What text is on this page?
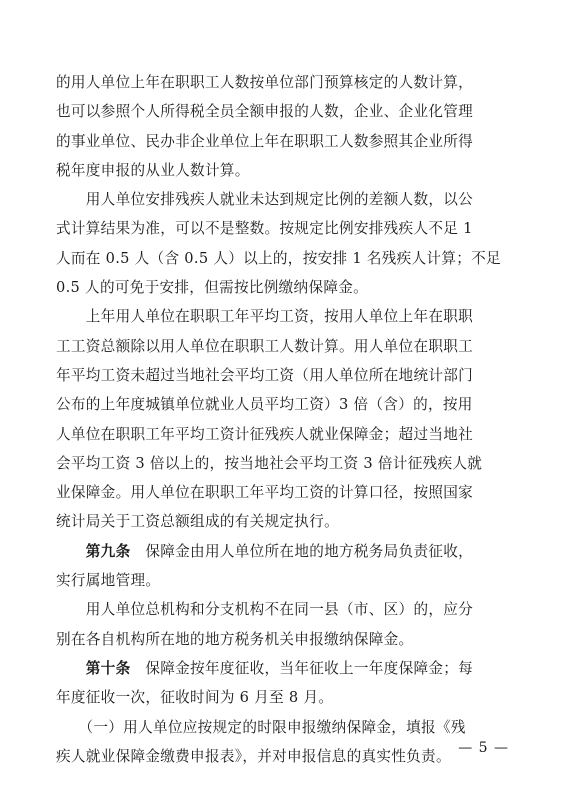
的用人单位上年在职职工人数按单位部门预算核定的人数计算，
也可以参照个人所得税全员全额申报的人数，企业、企业化管理
的事业单位、民办非企业单位上年在职职工人数参照其企业所得
税年度申报的从业人数计算。
　　用人单位安排残疾人就业未达到规定比例的差额人数，以公
式计算结果为准，可以不是整数。按规定比例安排残疾人不足 1
人而在 0.5 人（含 0.5 人）以上的，按安排 1 名残疾人计算；不足
0.5 人的可免于安排，但需按比例缴纳保障金。
　　上年用人单位在职职工年平均工资，按用人单位上年在职职
工工资总额除以用人单位在职职工人数计算。用人单位在职职工
年平均工资未超过当地社会平均工资（用人单位所在地统计部门
公布的上年度城镇单位就业人员平均工资）3 倍（含）的，按用
人单位在职职工年平均工资计征残疾人就业保障金；超过当地社
会平均工资 3 倍以上的，按当地社会平均工资 3 倍计征残疾人就
业保障金。用人单位在职职工年平均工资的计算口径，按照国家
统计局关于工资总额组成的有关规定执行。
　　第九条　保障金由用人单位所在地的地方税务局负责征收，
实行属地管理。
　　用人单位总机构和分支机构不在同一县（市、区）的，应分
别在各自机构所在地的地方税务机关申报缴纳保障金。
　　第十条　保障金按年度征收，当年征收上一年度保障金；每
年度征收一次，征收时间为 6 月至 8 月。
　　（一）用人单位应按规定的时限申报缴纳保障金，填报《残
疾人就业保障金缴费申报表》，并对申报信息的真实性负责。 — 5 —
